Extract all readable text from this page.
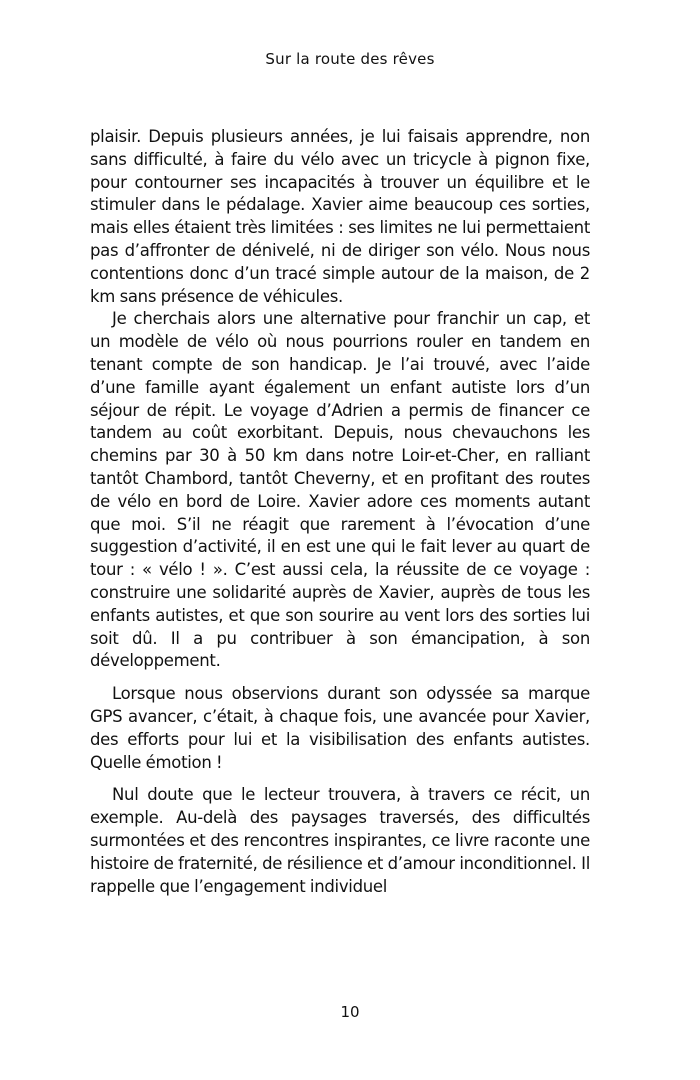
Sur la route des rêves

plaisir. Depuis plusieurs années, je lui faisais apprendre, non sans difficulté, à faire du vélo avec un tricycle à pignon fixe, pour contourner ses incapacités à trouver un équilibre et le stimuler dans le pédalage. Xavier aime beaucoup ces sorties, mais elles étaient très limitées : ses limites ne lui permettaient pas d’affronter de dénivelé, ni de diriger son vélo. Nous nous contentions donc d’un tracé simple autour de la maison, de 2 km sans présence de véhicules.

Je cherchais alors une alternative pour franchir un cap, et un modèle de vélo où nous pourrions rouler en tandem en tenant compte de son handicap. Je l’ai trouvé, avec l’aide d’une famille ayant également un enfant autiste lors d’un séjour de répit. Le voyage d’Adrien a permis de financer ce tandem au coût exorbitant. Depuis, nous chevauchons les chemins par 30 à 50 km dans notre Loir-et-Cher, en ralliant tantôt Chambord, tantôt Cheverny, et en profitant des routes de vélo en bord de Loire. Xavier adore ces moments autant que moi. S’il ne réagit que rarement à l’évocation d’une suggestion d’activité, il en est une qui le fait lever au quart de tour : « vélo ! ». C’est aussi cela, la réussite de ce voyage : construire une solidarité auprès de Xavier, auprès de tous les enfants autistes, et que son sourire au vent lors des sorties lui soit dû. Il a pu contribuer à son émancipation, à son développement.

Lorsque nous observions durant son odyssée sa marque GPS avancer, c’était, à chaque fois, une avancée pour Xavier, des efforts pour lui et la visibilisation des enfants autistes. Quelle émotion !

Nul doute que le lecteur trouvera, à travers ce récit, un exemple. Au-delà des paysages traversés, des difficultés surmontées et des rencontres inspirantes, ce livre raconte une histoire de fraternité, de résilience et d’amour inconditionnel. Il rappelle que l’engagement individuel

10
